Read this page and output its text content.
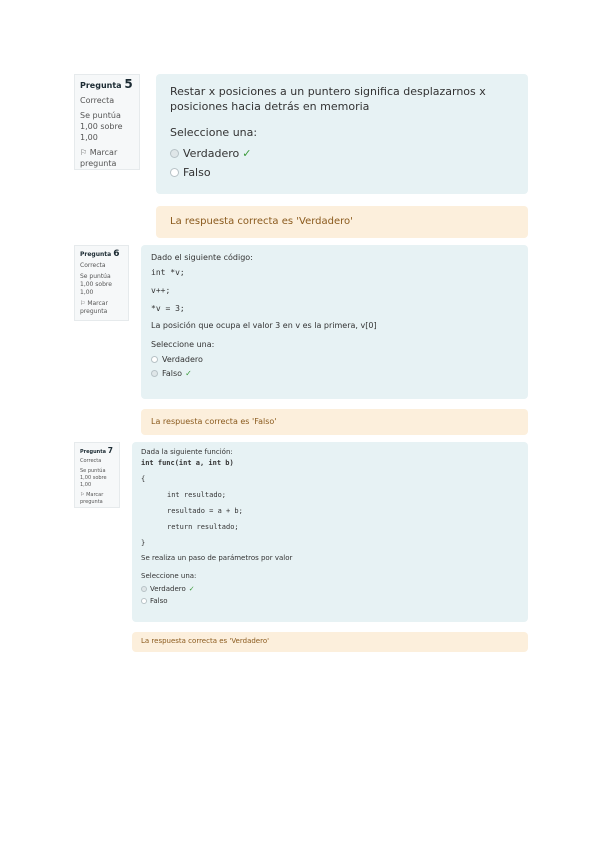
Pregunta 5
Correcta
Se puntúa 1,00 sobre 1,00
⚐ Marcar pregunta
Restar x posiciones a un puntero significa desplazarnos x posiciones hacia detrás en memoria
Seleccione una:
Verdadero ✓
Falso
La respuesta correcta es 'Verdadero'
Pregunta 6
Correcta
Se puntúa 1,00 sobre 1,00
⚐ Marcar pregunta
Dado el siguiente código:
int *v;
v++;
*v = 3;
La posición que ocupa el valor 3 en v es la primera, v[0]
Seleccione una:
Verdadero
Falso ✓
La respuesta correcta es 'Falso'
Pregunta 7
Correcta
Se puntúa 1,00 sobre 1,00
⚐ Marcar pregunta
Dada la siguiente función:
int func(int a, int b)
{
int resultado;
resultado = a + b;
return resultado;
}
Se realiza un paso de parámetros por valor
Seleccione una:
Verdadero ✓
Falso
La respuesta correcta es 'Verdadero'
